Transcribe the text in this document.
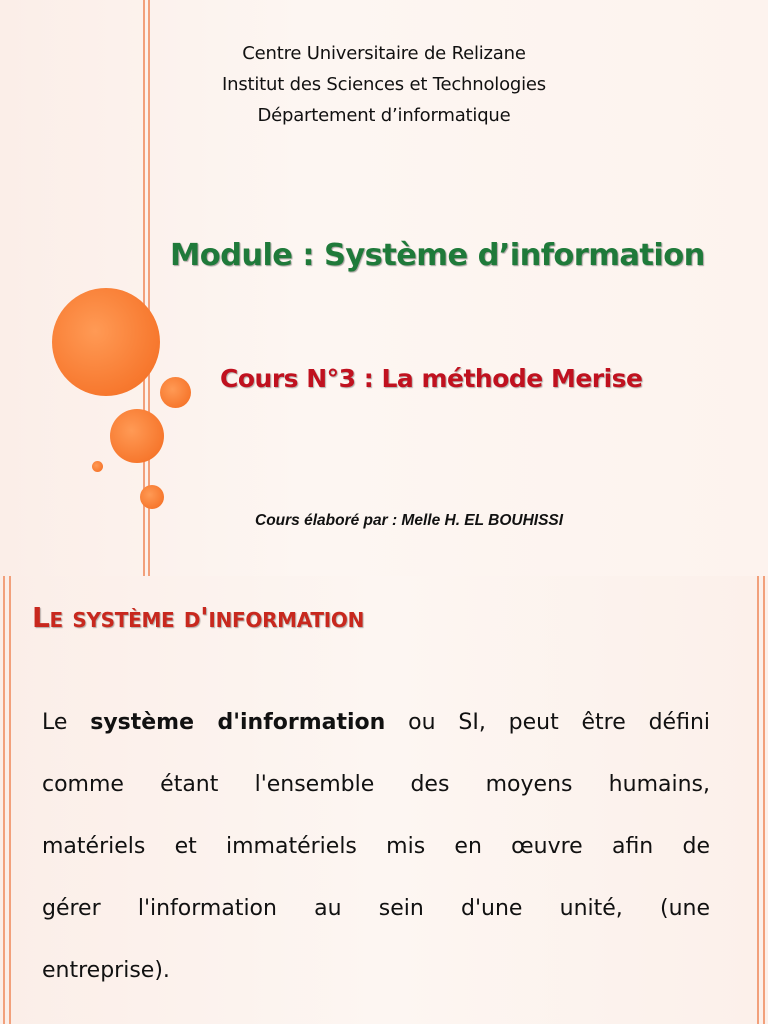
Centre Universitaire de Relizane
Institut des Sciences et Technologies
Département d’informatique
Module : Système d’information
Cours N°3 : La méthode Merise
Cours élaboré par : Melle H. EL BOUHISSI
Le système d'information
Le système d'information ou SI, peut être défini
comme étant l'ensemble des moyens humains,
matériels et immatériels mis en œuvre afin de
gérer l'information au sein d'une unité, (une
entreprise).
